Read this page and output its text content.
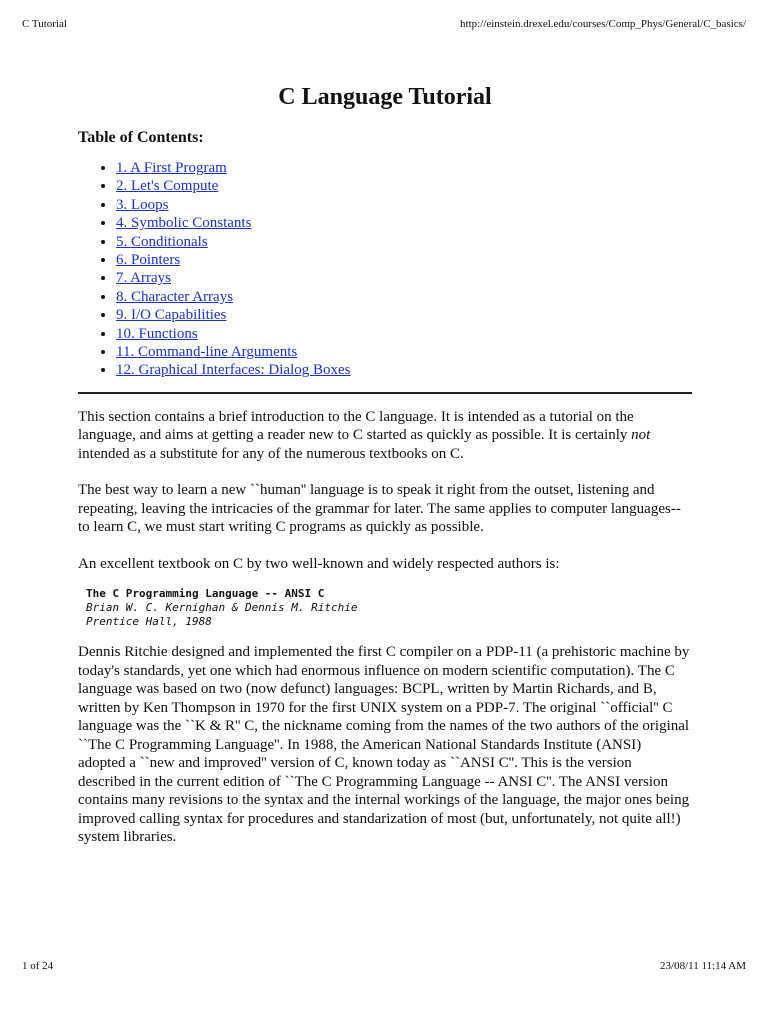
C Tutorial	http://einstein.drexel.edu/courses/Comp_Phys/General/C_basics/
C Language Tutorial
Table of Contents:
• 1. A First Program
• 2. Let's Compute
• 3. Loops
• 4. Symbolic Constants
• 5. Conditionals
• 6. Pointers
• 7. Arrays
• 8. Character Arrays
• 9. I/O Capabilities
• 10. Functions
• 11. Command-line Arguments
• 12. Graphical Interfaces: Dialog Boxes

This section contains a brief introduction to the C language. It is intended as a tutorial on the language, and aims at getting a reader new to C started as quickly as possible. It is certainly not intended as a substitute for any of the numerous textbooks on C.

The best way to learn a new ``human'' language is to speak it right from the outset, listening and repeating, leaving the intricacies of the grammar for later. The same applies to computer languages--to learn C, we must start writing C programs as quickly as possible.

An excellent textbook on C by two well-known and widely respected authors is:

The C Programming Language -- ANSI C
Brian W. C. Kernighan & Dennis M. Ritchie
Prentice Hall, 1988

Dennis Ritchie designed and implemented the first C compiler on a PDP-11 (a prehistoric machine by today's standards, yet one which had enormous influence on modern scientific computation). The C language was based on two (now defunct) languages: BCPL, written by Martin Richards, and B, written by Ken Thompson in 1970 for the first UNIX system on a PDP-7. The original ``official'' C language was the ``K & R'' C, the nickname coming from the names of the two authors of the original ``The C Programming Language''. In 1988, the American National Standards Institute (ANSI) adopted a ``new and improved'' version of C, known today as ``ANSI C''. This is the version described in the current edition of ``The C Programming Language -- ANSI C''. The ANSI version contains many revisions to the syntax and the internal workings of the language, the major ones being improved calling syntax for procedures and standarization of most (but, unfortunately, not quite all!) system libraries.

1 of 24	23/08/11 11:14 AM
